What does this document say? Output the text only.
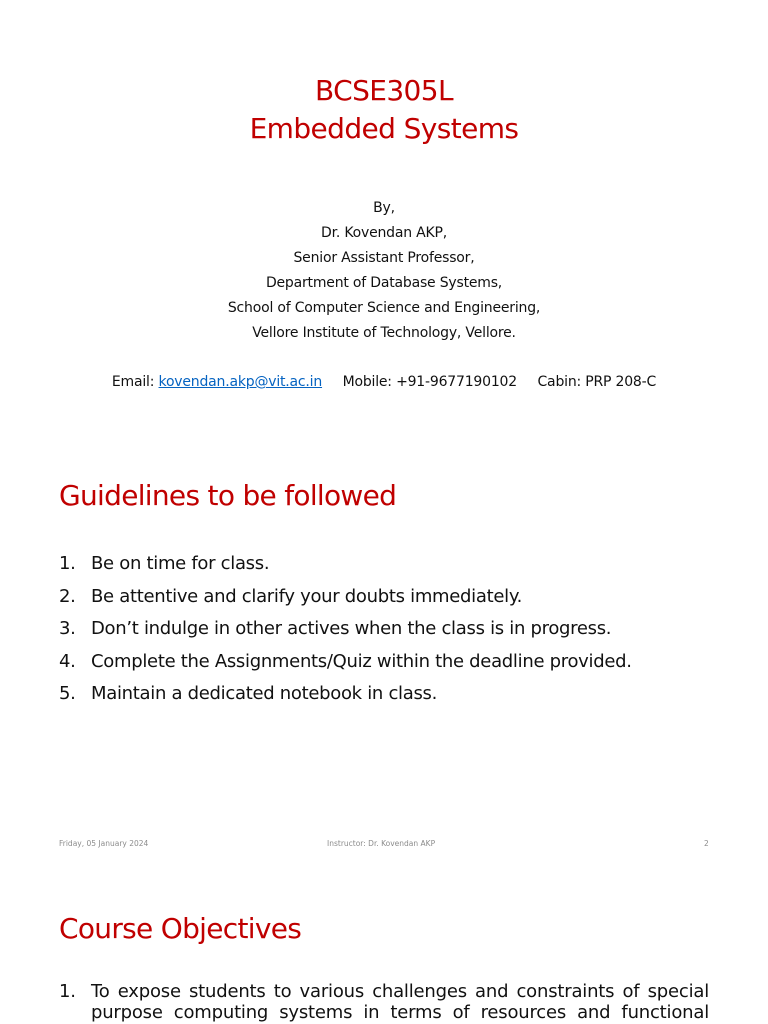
BCSE305L
Embedded Systems
By,
Dr. Kovendan AKP,
Senior Assistant Professor,
Department of Database Systems,
School of Computer Science and Engineering,
Vellore Institute of Technology, Vellore.
Email: kovendan.akp@vit.ac.in Mobile: +91-9677190102 Cabin: PRP 208-C
Guidelines to be followed
1. Be on time for class.
2. Be attentive and clarify your doubts immediately.
3. Don’t indulge in other actives when the class is in progress.
4. Complete the Assignments/Quiz within the deadline provided.
5. Maintain a dedicated notebook in class.
Friday, 05 January 2024	Instructor: Dr. Kovendan AKP	2
Course Objectives
1. To expose students to various challenges and constraints of special purpose computing systems in terms of resources and functional
